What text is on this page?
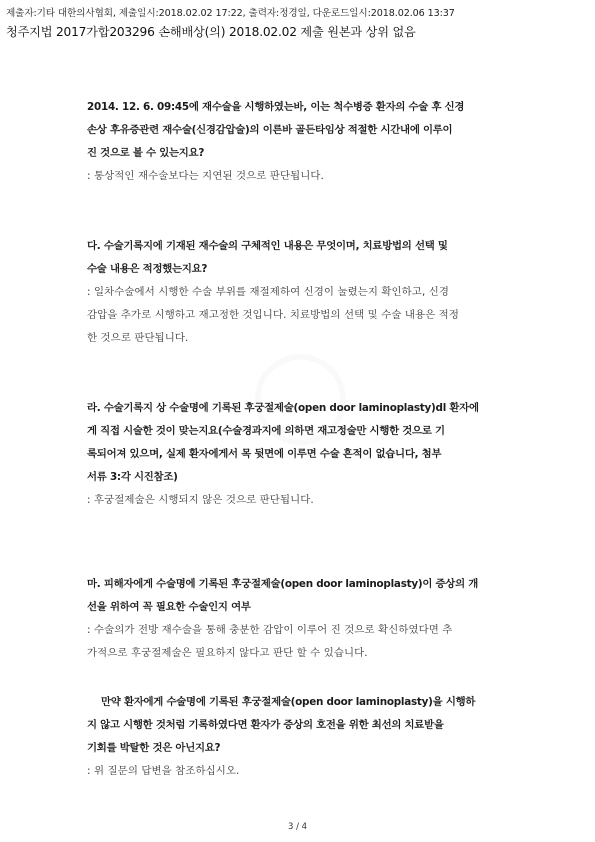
제출자:기타 대한의사협회, 제출일시:2018.02.02 17:22, 출력자:정경일, 다운로드일시:2018.02.06 13:37
청주지법 2017가합203296 손해배상(의) 2018.02.02 제출 원본과 상위 없음
2014. 12. 6. 09:45에 재수술을 시행하였는바, 이는 척수병증 환자의 수술 후 신경
손상 후유증관련 재수술(신경감압술)의 이른바 골든타임상 적절한 시간내에 이루이
진 것으로 볼 수 있는지요?
: 통상적인 재수술보다는 지연된 것으로 판단됩니다.
다. 수술기록지에 기재된 재수술의 구체적인 내용은 무엇이며, 치료방법의 선택 및
수술 내용은 적정했는지요?
: 일차수술에서 시행한 수술 부위를 재절제하여 신경이 눌렸는지 확인하고, 신경
감압을 추가로 시행하고 재고정한 것입니다. 치료방법의 선택 및 수술 내용은 적정
한 것으로 판단됩니다.
라. 수술기록지 상 수술명에 기록된 후궁절제술(open door laminoplasty)dl 환자에
게 직접 시술한 것이 맞는지요(수술경과지에 의하면 재고정술만 시행한 것으로 기
록되어져 있으며, 실제 환자에게서 목 뒷면에 이루면 수술 흔적이 없습니다, 첨부
서류 3:각 시진참조)
: 후궁절제술은 시행되지 않은 것으로 판단됩니다.
마. 피해자에게 수술명에 기록된 후궁절제술(open door laminoplasty)이 증상의 개
선을 위하여 꼭 필요한 수술인지 여부
: 수술의가 전방 재수술을 통해 충분한 감압이 이루어 진 것으로 확신하였다면 추
가적으로 후궁절제술은 필요하지 않다고 판단 할 수 있습니다.
만약 환자에게 수술명에 기록된 후궁절제술(open door laminoplasty)을 시행하
지 않고 시행한 것처럼 기록하였다면 환자가 증상의 호전을 위한 최선의 치료받을
기회를 박탈한 것은 아닌지요?
: 위 질문의 답변을 참조하십시오.
3 / 4
